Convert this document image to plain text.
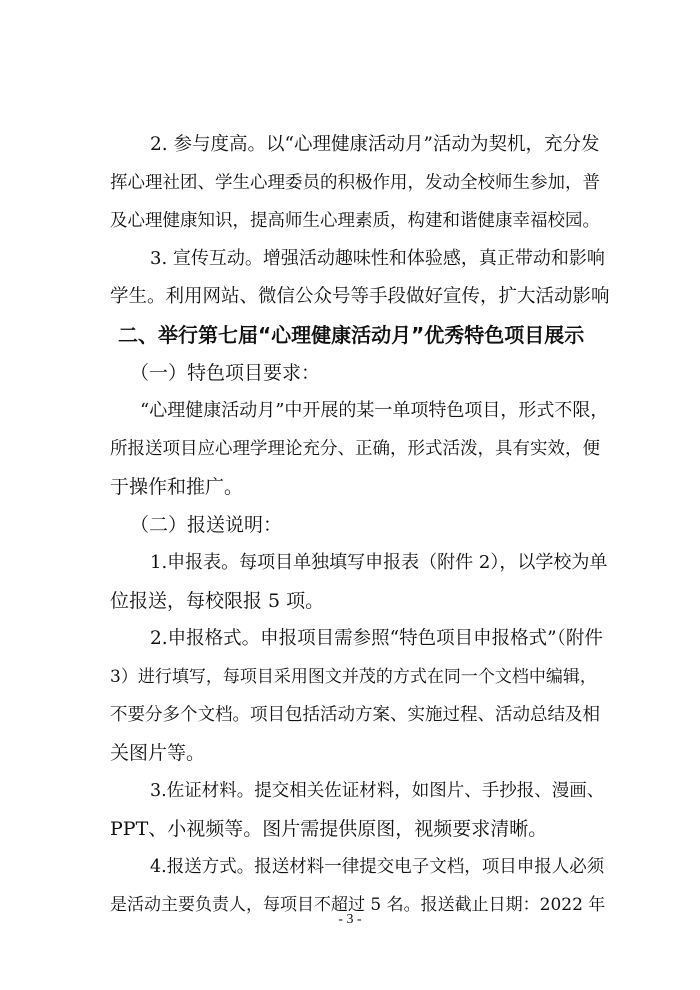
2. 参与度高。以“心理健康活动月”活动为契机，充分发
挥心理社团、学生心理委员的积极作用，发动全校师生参加，普
及心理健康知识，提高师生心理素质，构建和谐健康幸福校园。
3. 宣传互动。增强活动趣味性和体验感，真正带动和影响
学生。利用网站、微信公众号等手段做好宣传，扩大活动影响
二、举行第七届“心理健康活动月”优秀特色项目展示
（一）特色项目要求：
“心理健康活动月”中开展的某一单项特色项目，形式不限，
所报送项目应心理学理论充分、正确，形式活泼，具有实效，便
于操作和推广。
（二）报送说明：
1.申报表。每项目单独填写申报表（附件 2），以学校为单
位报送，每校限报 5 项。
2.申报格式。申报项目需参照“特色项目申报格式”（附件
3）进行填写，每项目采用图文并茂的方式在同一个文档中编辑，
不要分多个文档。项目包括活动方案、实施过程、活动总结及相
关图片等。
3.佐证材料。提交相关佐证材料，如图片、手抄报、漫画、
PPT、小视频等。图片需提供原图，视频要求清晰。
4.报送方式。报送材料一律提交电子文档，项目申报人必须
是活动主要负责人，每项目不超过 5 名。报送截止日期：2022 年
- 3 -
